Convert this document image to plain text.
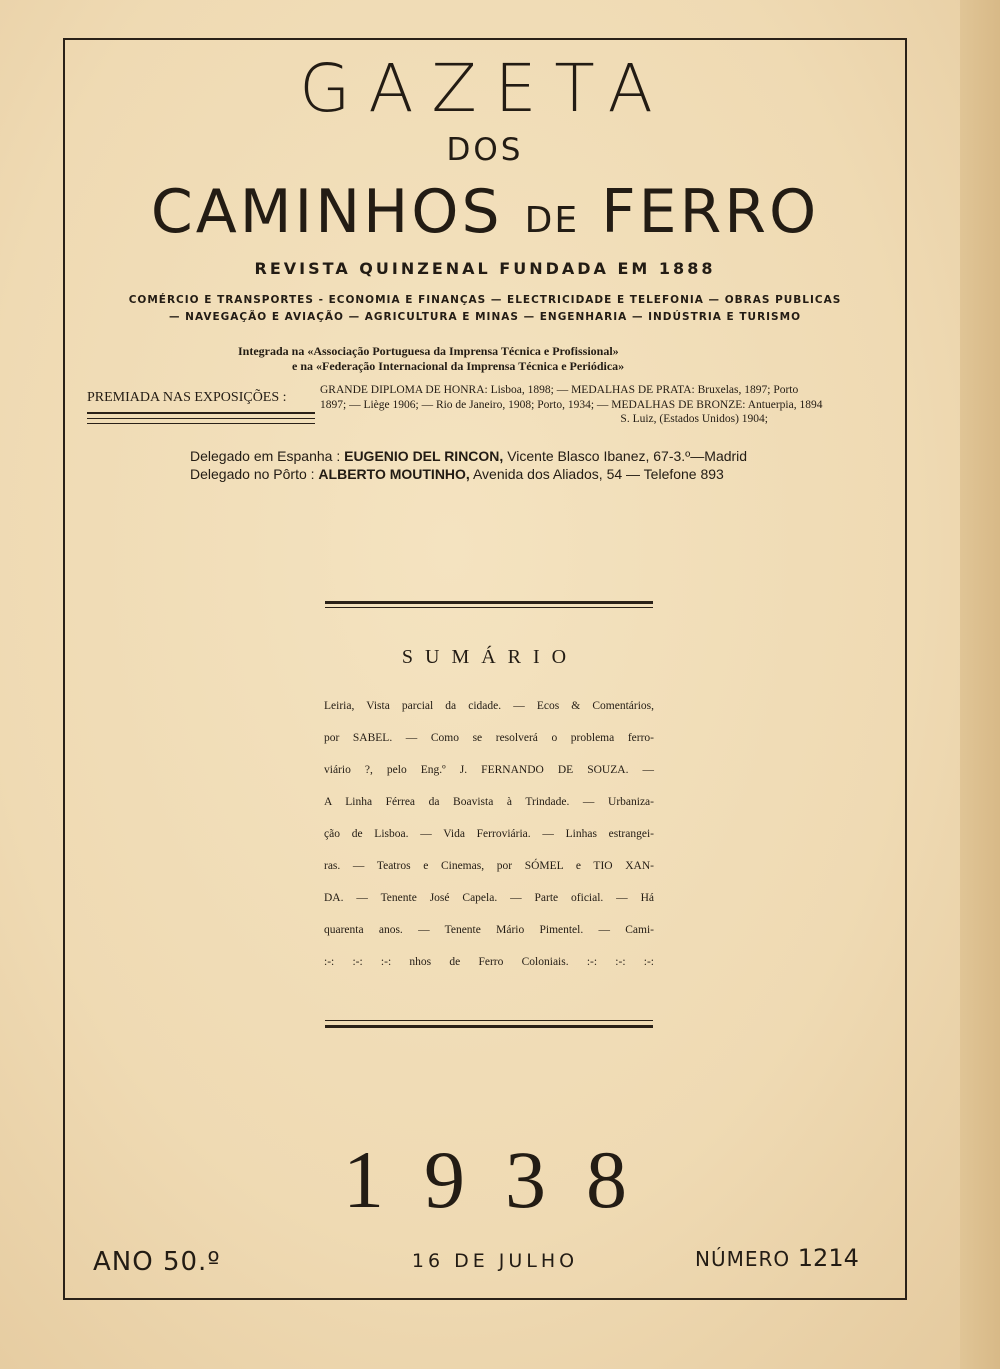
GAZETA
DOS
CAMINHOS DE FERRO
REVISTA QUINZENAL FUNDADA EM 1888
COMÉRCIO E TRANSPORTES - ECONOMIA E FINANÇAS — ELECTRICIDADE E TELEFONIA — OBRAS PUBLICAS
— NAVEGAÇÃO E AVIAÇÃO — AGRICULTURA E MINAS — ENGENHARIA — INDÚSTRIA E TURISMO
Integrada na «Associação Portuguesa da Imprensa Técnica e Profissional»
e na «Federação Internacional da Imprensa Técnica e Periódica»
PREMIADA NAS EXPOSIÇÕES :	GRANDE DIPLOMA DE HONRA: Lisboa, 1898; — MEDALHAS DE PRATA: Bruxelas, 1897; Porto
1897; — Liège 1906; — Rio de Janeiro, 1908; Porto, 1934; — MEDALHAS DE BRONZE: Antuerpia, 1894
S. Luiz, (Estados Unidos) 1904;
Delegado em Espanha : EUGENIO DEL RINCON, Vicente Blasco Ibanez, 67-3.º—Madrid
Delegado no Pôrto : ALBERTO MOUTINHO, Avenida dos Aliados, 54 — Telefone 893
SUMÁRIO
Leiria, Vista parcial da cidade. — Ecos & Comentários,
por SABEL. — Como se resolverá o problema ferro-
viário ?, pelo Eng.º J. FERNANDO DE SOUZA. —
A Linha Férrea da Boavista à Trindade. — Urbaniza-
ção de Lisboa. — Vida Ferroviária. — Linhas estrangei-
ras. — Teatros e Cinemas, por SÓMEL e TIO XAN-
DA. — Tenente José Capela. — Parte oficial. — Há
quarenta anos. — Tenente Mário Pimentel. — Cami-
:-: :-: :-: nhos de Ferro Coloniais. :-: :-: :-:
1938
ANO 50.º	16 DE JULHO	NÚMERO 1214
